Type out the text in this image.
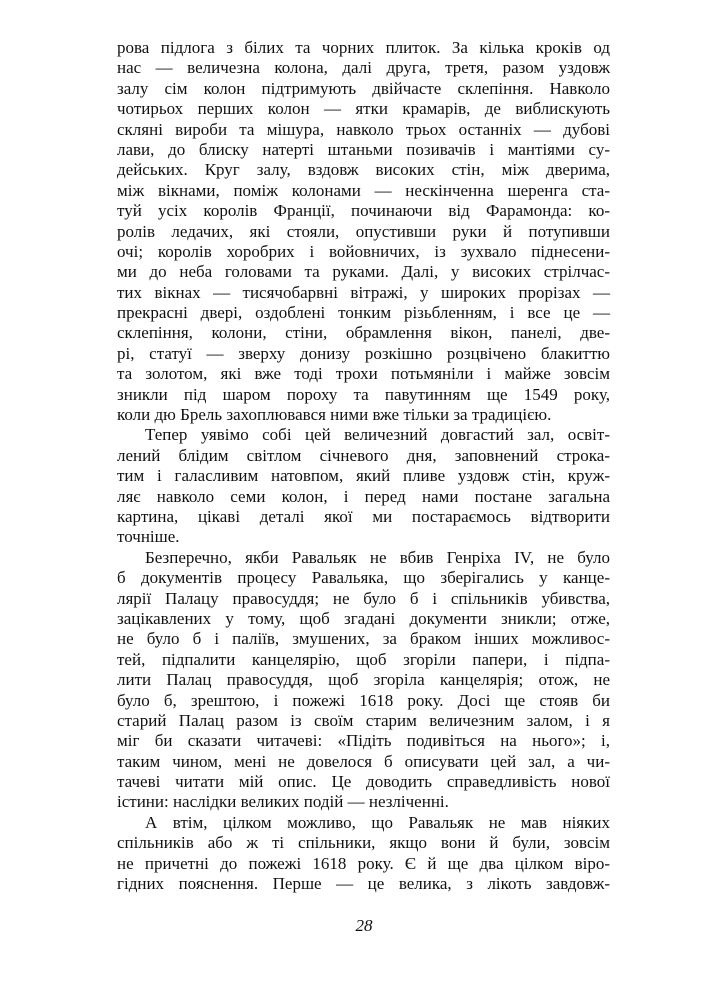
рова підлога з білих та чорних плиток. За кілька кроків од
нас — величезна колона, далі друга, третя, разом уздовж
залу сім колон підтримують двійчасте склепіння. Навколо
чотирьох перших колон — ятки крамарів, де виблискують
скляні вироби та мішура, навколо трьох останніх — дубові
лави, до блиску натерті штаньми позивачів і мантіями су-
дейських. Круг залу, вздовж високих стін, між дверима,
між вікнами, поміж колонами — нескінченна шеренга ста-
туй усіх королів Франції, починаючи від Фарамонда: ко-
ролів ледачих, які стояли, опустивши руки й потупивши
очі; королів хоробрих і войовничих, із зухвало піднесени-
ми до неба головами та руками. Далі, у високих стрілчас-
тих вікнах — тисячобарвні вітражі, у широких прорізах —
прекрасні двері, оздоблені тонким різьбленням, і все це —
склепіння, колони, стіни, обрамлення вікон, панелі, две-
рі, статуї — зверху донизу розкішно розцвічено блакиттю
та золотом, які вже тоді трохи потьмяніли і майже зовсім
зникли під шаром пороху та павутинням ще 1549 року,
коли дю Брель захоплювався ними вже тільки за традицією.
Тепер уявімо собі цей величезний довгастий зал, освіт-
лений блідим світлом січневого дня, заповнений строка-
тим і галасливим натовпом, який пливе уздовж стін, круж-
ляє навколо семи колон, і перед нами постане загальна
картина, цікаві деталі якої ми постараємось відтворити
точніше.
Безперечно, якби Равальяк не вбив Генріха IV, не було
б документів процесу Равальяка, що зберігались у канце-
лярії Палацу правосуддя; не було б і спільників убивства,
зацікавлених у тому, щоб згадані документи зникли; отже,
не було б і паліїв, змушених, за браком інших можливос-
тей, підпалити канцелярію, щоб згоріли папери, і підпа-
лити Палац правосуддя, щоб згоріла канцелярія; отож, не
було б, зрештою, і пожежі 1618 року. Досі ще стояв би
старий Палац разом із своїм старим величезним залом, і я
міг би сказати читачеві: «Підіть подивіться на нього»; і,
таким чином, мені не довелося б описувати цей зал, а чи-
тачеві читати мій опис. Це доводить справедливість нової
істини: наслідки великих подій — незліченні.
А втім, цілком можливо, що Равальяк не мав ніяких
спільників або ж ті спільники, якщо вони й були, зовсім
не причетні до пожежі 1618 року. Є й ще два цілком віро-
гідних пояснення. Перше — це велика, з лікоть завдовж-
28
